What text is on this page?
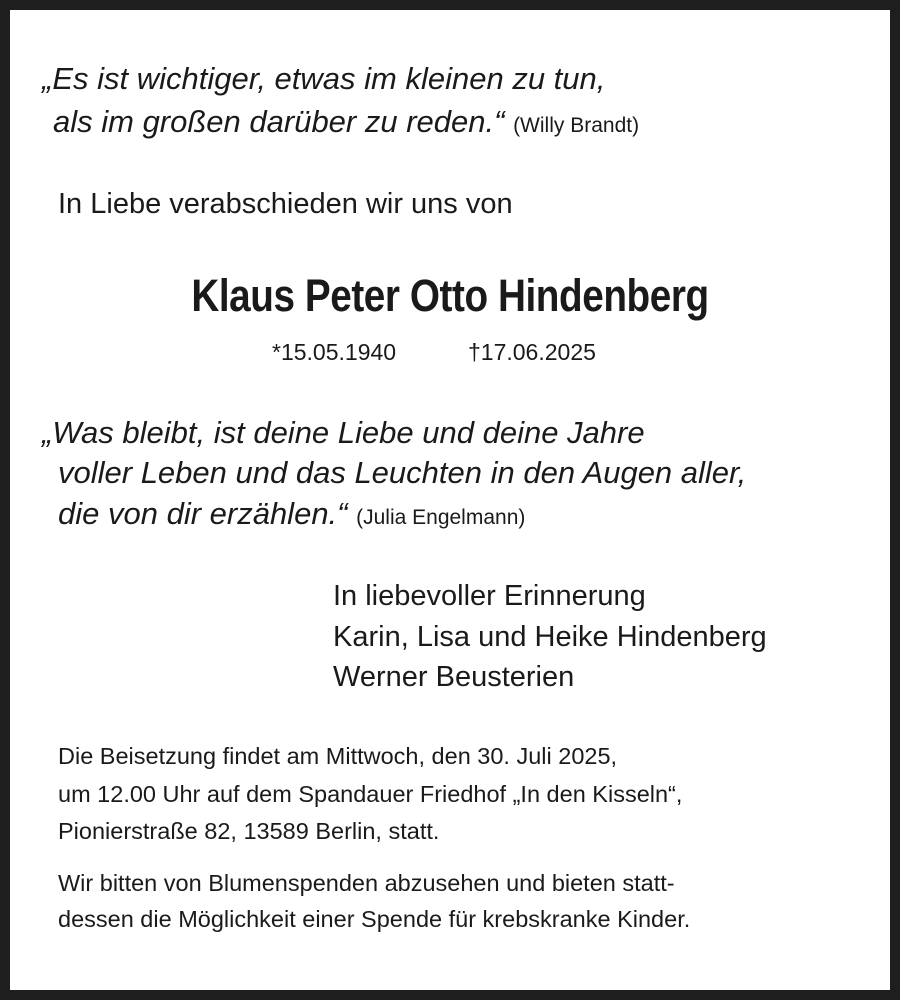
„Es ist wichtiger, etwas im kleinen zu tun,
als im großen darüber zu reden.“ (Willy Brandt)
In Liebe verabschieden wir uns von
Klaus Peter Otto Hindenberg
*15.05.1940	†17.06.2025
„Was bleibt, ist deine Liebe und deine Jahre
voller Leben und das Leuchten in den Augen aller,
die von dir erzählen.“ (Julia Engelmann)
In liebevoller Erinnerung
Karin, Lisa und Heike Hindenberg
Werner Beusterien
Die Beisetzung findet am Mittwoch, den 30. Juli 2025,
um 12.00 Uhr auf dem Spandauer Friedhof „In den Kisseln“,
Pionierstraße 82, 13589 Berlin, statt.
Wir bitten von Blumenspenden abzusehen und bieten statt-
dessen die Möglichkeit einer Spende für krebskranke Kinder.
